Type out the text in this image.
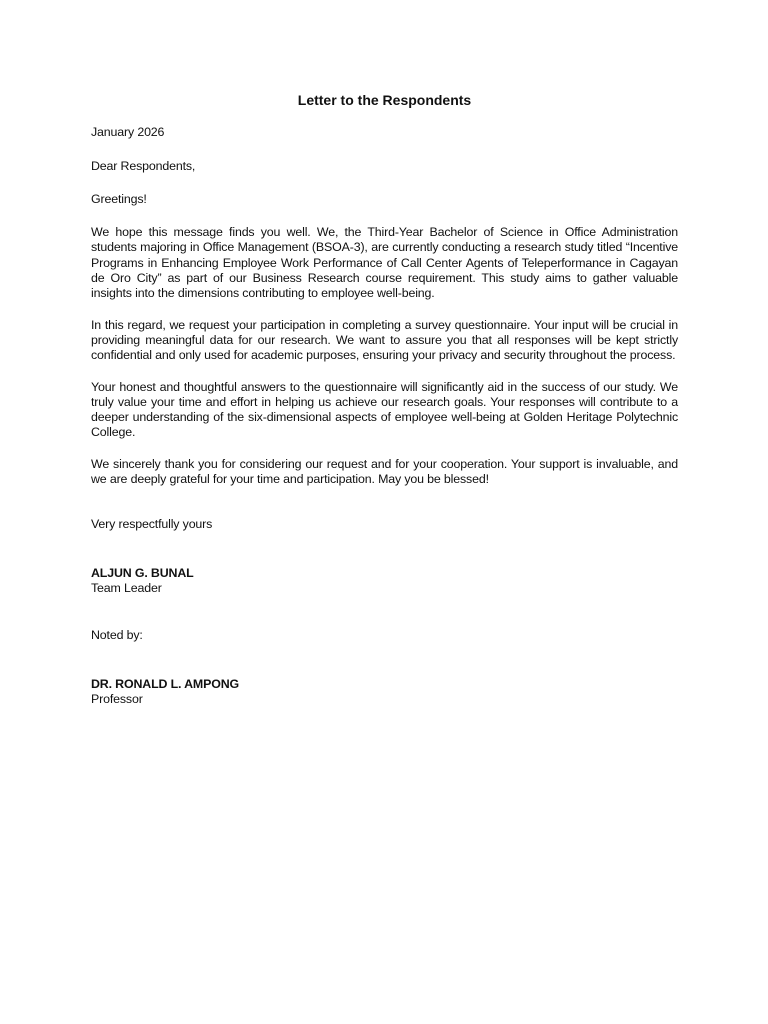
Letter to the Respondents
January 2026
Dear Respondents,
Greetings!
We hope this message finds you well. We, the Third-Year Bachelor of Science in Office Administration students majoring in Office Management (BSOA-3), are currently conducting a research study titled “Incentive Programs in Enhancing Employee Work Performance of Call Center Agents of Teleperformance in Cagayan de Oro City” as part of our Business Research course requirement. This study aims to gather valuable insights into the dimensions contributing to employee well-being.
In this regard, we request your participation in completing a survey questionnaire. Your input will be crucial in providing meaningful data for our research. We want to assure you that all responses will be kept strictly confidential and only used for academic purposes, ensuring your privacy and security throughout the process.
Your honest and thoughtful answers to the questionnaire will significantly aid in the success of our study. We truly value your time and effort in helping us achieve our research goals. Your responses will contribute to a deeper understanding of the six-dimensional aspects of employee well-being at Golden Heritage Polytechnic College.
We sincerely thank you for considering our request and for your cooperation. Your support is invaluable, and we are deeply grateful for your time and participation. May you be blessed!
Very respectfully yours
ALJUN G. BUNAL
Team Leader
Noted by:
DR. RONALD L. AMPONG
Professor
